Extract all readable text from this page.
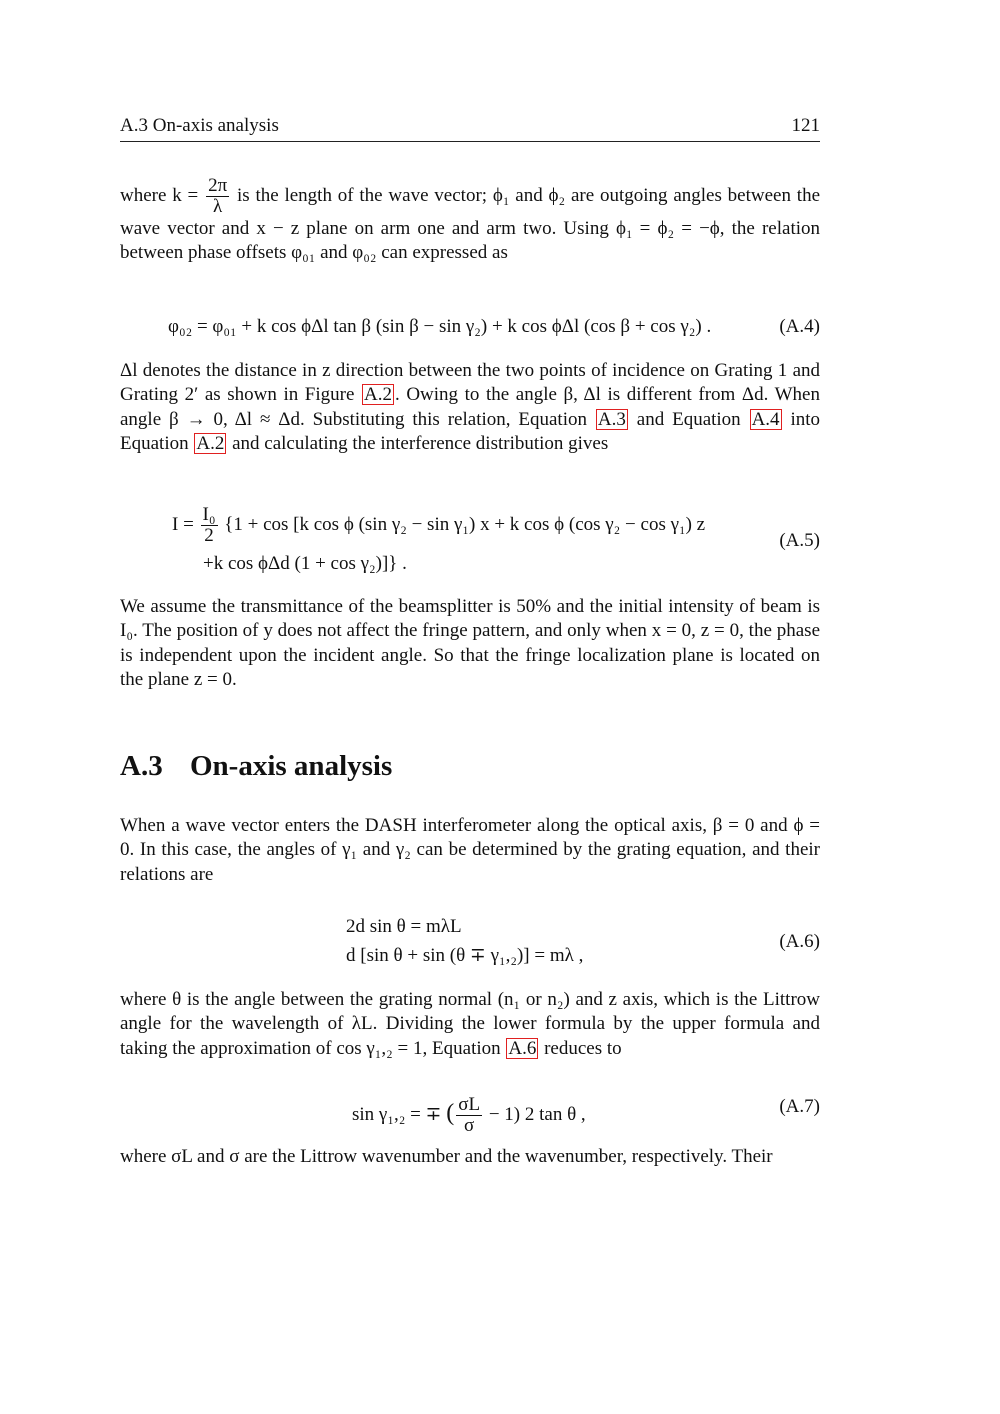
A.3 On-axis analysis	121

where $k = \frac{2\pi}{\lambda}$ is the length of the wave vector; ϕ₁ and ϕ₂ are outgoing angles between the wave vector and x − z plane on arm one and arm two. Using ϕ₁ = ϕ₂ = −ϕ, the relation between phase offsets φ₀₁ and φ₀₂ can expressed as

φ₀₂ = φ₀₁ + k cos ϕΔl tan β (sin β − sin γ₂) + k cos ϕΔl (cos β + cos γ₂) .	(A.4)

Δl denotes the distance in z direction between the two points of incidence on Grating 1 and Grating 2′ as shown in Figure A.2 . Owing to the angle β, Δl is different from Δd. When angle β → 0, Δl ≈ Δd. Substituting this relation, Equation A.3 and Equation A.4 into Equation A.2 and calculating the interference distribution gives

$I = \frac{\text{I₀}}{2} \{1 + \cos [k$ cos ϕ (sin γ₂ − sin γ₁) x + k cos ϕ (cos γ₂ − cos γ₁) z
+k cos ϕΔd (1 + cos γ₂)]} .
(A.5)

We assume the transmittance of the beamsplitter is 50% and the initial intensity of beam is I₀. The position of y does not affect the fringe pattern, and only when x = 0, z = 0, the phase is independent upon the incident angle. So that the fringe localization plane is located on the plane z = 0.

A.3 On-axis analysis

When a wave vector enters the DASH interferometer along the optical axis, β = 0 and ϕ = 0. In this case, the angles of γ₁ and γ₂ can be determined by the grating equation, and their relations are

2d sin θ = mλL
d [sin θ + sin (θ ∓ γ₁,₂)] = mλ ,
(A.6)

where θ is the angle between the grating normal (n₁ or n₂) and z axis, which is the Littrow angle for the wavelength of λL. Dividing the lower formula by the upper formula and taking the approximation of cos γ₁,₂ = 1, Equation A.6 reduces to

sin γ₁,₂ = ∓ ( $\frac{\sigma L}{\sigma} - 1$) 2 tan θ ,	(A.7)

where σL and σ are the Littrow wavenumber and the wavenumber, respectively. Their
